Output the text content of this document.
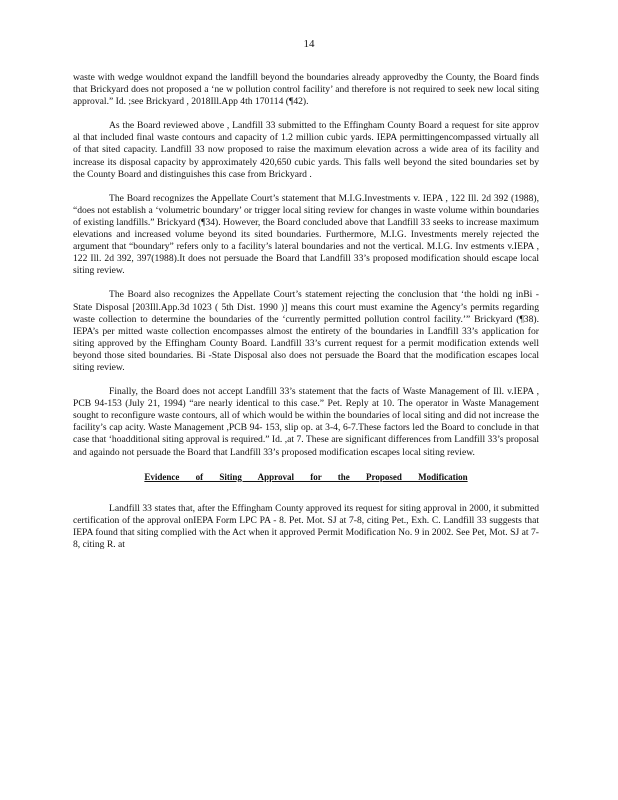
14

waste with wedge wouldnot expand the landfill beyond the boundaries already approvedby the County, the Board finds that Brickyard does not proposed a ‘ne w pollution control facility’ and therefore is not required to seek new local siting approval.” Id. ;see Brickyard , 2018Ill.App 4th 170114 (¶42).

As the Board reviewed above , Landfill 33 submitted to the Effingham County Board a request for site approv al that included final waste contours and capacity of 1.2 million cubic yards. IEPA permittingencompassed virtually all of that sited capacity. Landfill 33 now proposed to raise the maximum elevation across a wide area of its facility and increase its disposal capacity by approximately 420,650 cubic yards. This falls well beyond the sited boundaries set by the County Board and distinguishes this case from Brickyard .

The Board recognizes the Appellate Court’s statement that M.I.G.Investments v. IEPA , 122 Ill. 2d 392 (1988), “does not establish a ‘volumetric boundary’ or trigger local siting review for changes in waste volume within boundaries of existing landfills.” Brickyard (¶34). However, the Board concluded above that Landfill 33 seeks to increase maximum elevations and increased volume beyond its sited boundaries. Furthermore, M.I.G. Investments merely rejected the argument that “boundary” refers only to a facility’s lateral boundaries and not the vertical. M.I.G. Inv estments v.IEPA , 122 Ill. 2d 392, 397(1988).It does not persuade the Board that Landfill 33’s proposed modification should escape local siting review.

The Board also recognizes the Appellate Court’s statement rejecting the conclusion that ‘the holdi ng inBi - State Disposal [203Ill.App.3d 1023 ( 5th Dist. 1990 )] means this court must examine the Agency’s permits regarding waste collection to determine the boundaries of the ‘currently permitted pollution control facility.’” Brickyard (¶38). IEPA’s per mitted waste collection encompasses almost the entirety of the boundaries in Landfill 33’s application for siting approved by the Effingham County Board. Landfill 33’s current request for a permit modification extends well beyond those sited boundaries. Bi -State Disposal also does not persuade the Board that the modification escapes local siting review.

Finally, the Board does not accept Landfill 33’s statement that the facts of Waste Management of Ill. v.IEPA , PCB 94-153 (July 21, 1994) “are nearly identical to this case.” Pet. Reply at 10. The operator in Waste Management sought to reconfigure waste contours, all of which would be within the boundaries of local siting and did not increase the facility’s cap acity. Waste Management ,PCB 94- 153, slip op. at 3-4, 6-7.These factors led the Board to conclude in that case that ‘hoadditional siting approval is required.” Id. ,at 7. These are significant differences from Landfill 33’s proposal and againdo not persuade the Board that Landfill 33’s proposed modification escapes local siting review.

Evidence of Siting Approval for the Proposed Modification

Landfill 33 states that, after the Effingham County approved its request for siting approval in 2000, it submitted certification of the approval onIEPA Form LPC PA - 8. Pet. Mot. SJ at 7-8, citing Pet., Exh. C. Landfill 33 suggests that IEPA found that siting complied with the Act when it approved Permit Modification No. 9 in 2002. See Pet, Mot. SJ at 7- 8, citing R. at
